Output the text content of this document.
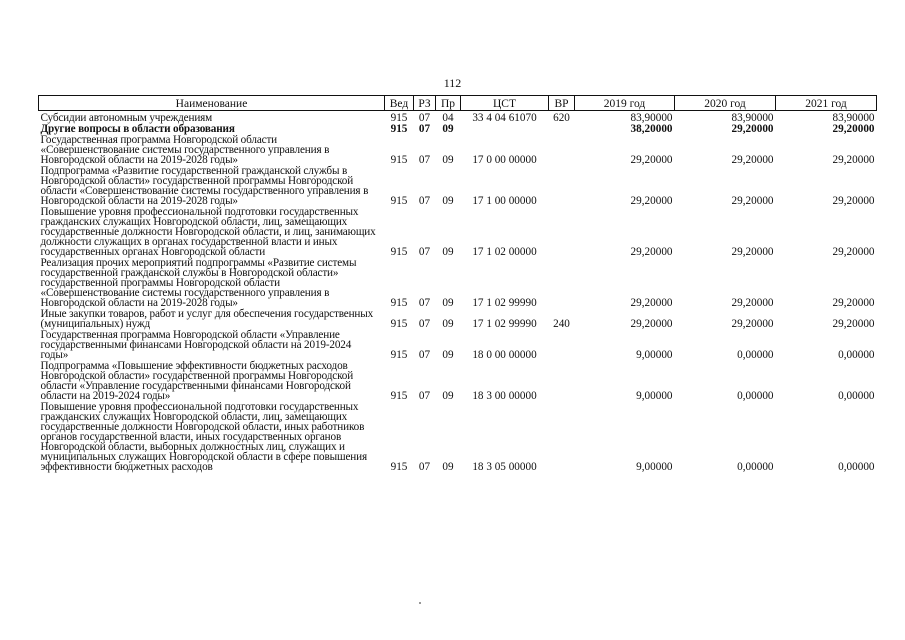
112
Наименование	Вед	РЗ	Пр	ЦСТ	ВР	2019 год	2020 год	2021 год
Субсидии автономным учреждениям	915	07	04	33 4 04 61070	620	83,90000	83,90000	83,90000
Другие вопросы в области образования	915	07	09			38,20000	29,20000	29,20000
Государственная программа Новгородской области «Совершенствование системы государственного управления в Новгородской области на 2019-2028 годы»	915	07	09	17 0 00 00000		29,20000	29,20000	29,20000
Подпрограмма «Развитие государственной гражданской службы в Новгородской области» государственной программы Новгородской области «Совершенствование системы государственного управления в Новгородской области на 2019-2028 годы»	915	07	09	17 1 00 00000		29,20000	29,20000	29,20000
Повышение уровня профессиональной подготовки государственных гражданских служащих Новгородской области, лиц, замещающих государственные должности Новгородской области, и лиц, занимающих должности служащих в органах государственной власти и иных государственных органах Новгородской области	915	07	09	17 1 02 00000		29,20000	29,20000	29,20000
Реализация прочих мероприятий подпрограммы «Развитие системы государственной гражданской службы в Новгородской области» государственной программы Новгородской области «Совершенствование системы государственного управления в Новгородской области на 2019-2028 годы»	915	07	09	17 1 02 99990		29,20000	29,20000	29,20000
Иные закупки товаров, работ и услуг для обеспечения государственных (муниципальных) нужд	915	07	09	17 1 02 99990	240	29,20000	29,20000	29,20000
Государственная программа Новгородской области «Управление государственными финансами Новгородской области на 2019-2024 годы»	915	07	09	18 0 00 00000		9,00000	0,00000	0,00000
Подпрограмма «Повышение эффективности бюджетных расходов Новгородской области» государственной программы Новгородской области «Управление государственными финансами Новгородской области на 2019-2024 годы»	915	07	09	18 3 00 00000		9,00000	0,00000	0,00000
Повышение уровня профессиональной подготовки государственных гражданских служащих Новгородской области, лиц, замещающих государственные должности Новгородской области, иных работников органов государственной власти, иных государственных органов Новгородской области, выборных должностных лиц, служащих и муниципальных служащих Новгородской области в сфере повышения эффективности бюджетных расходов	915	07	09	18 3 05 00000		9,00000	0,00000	0,00000
